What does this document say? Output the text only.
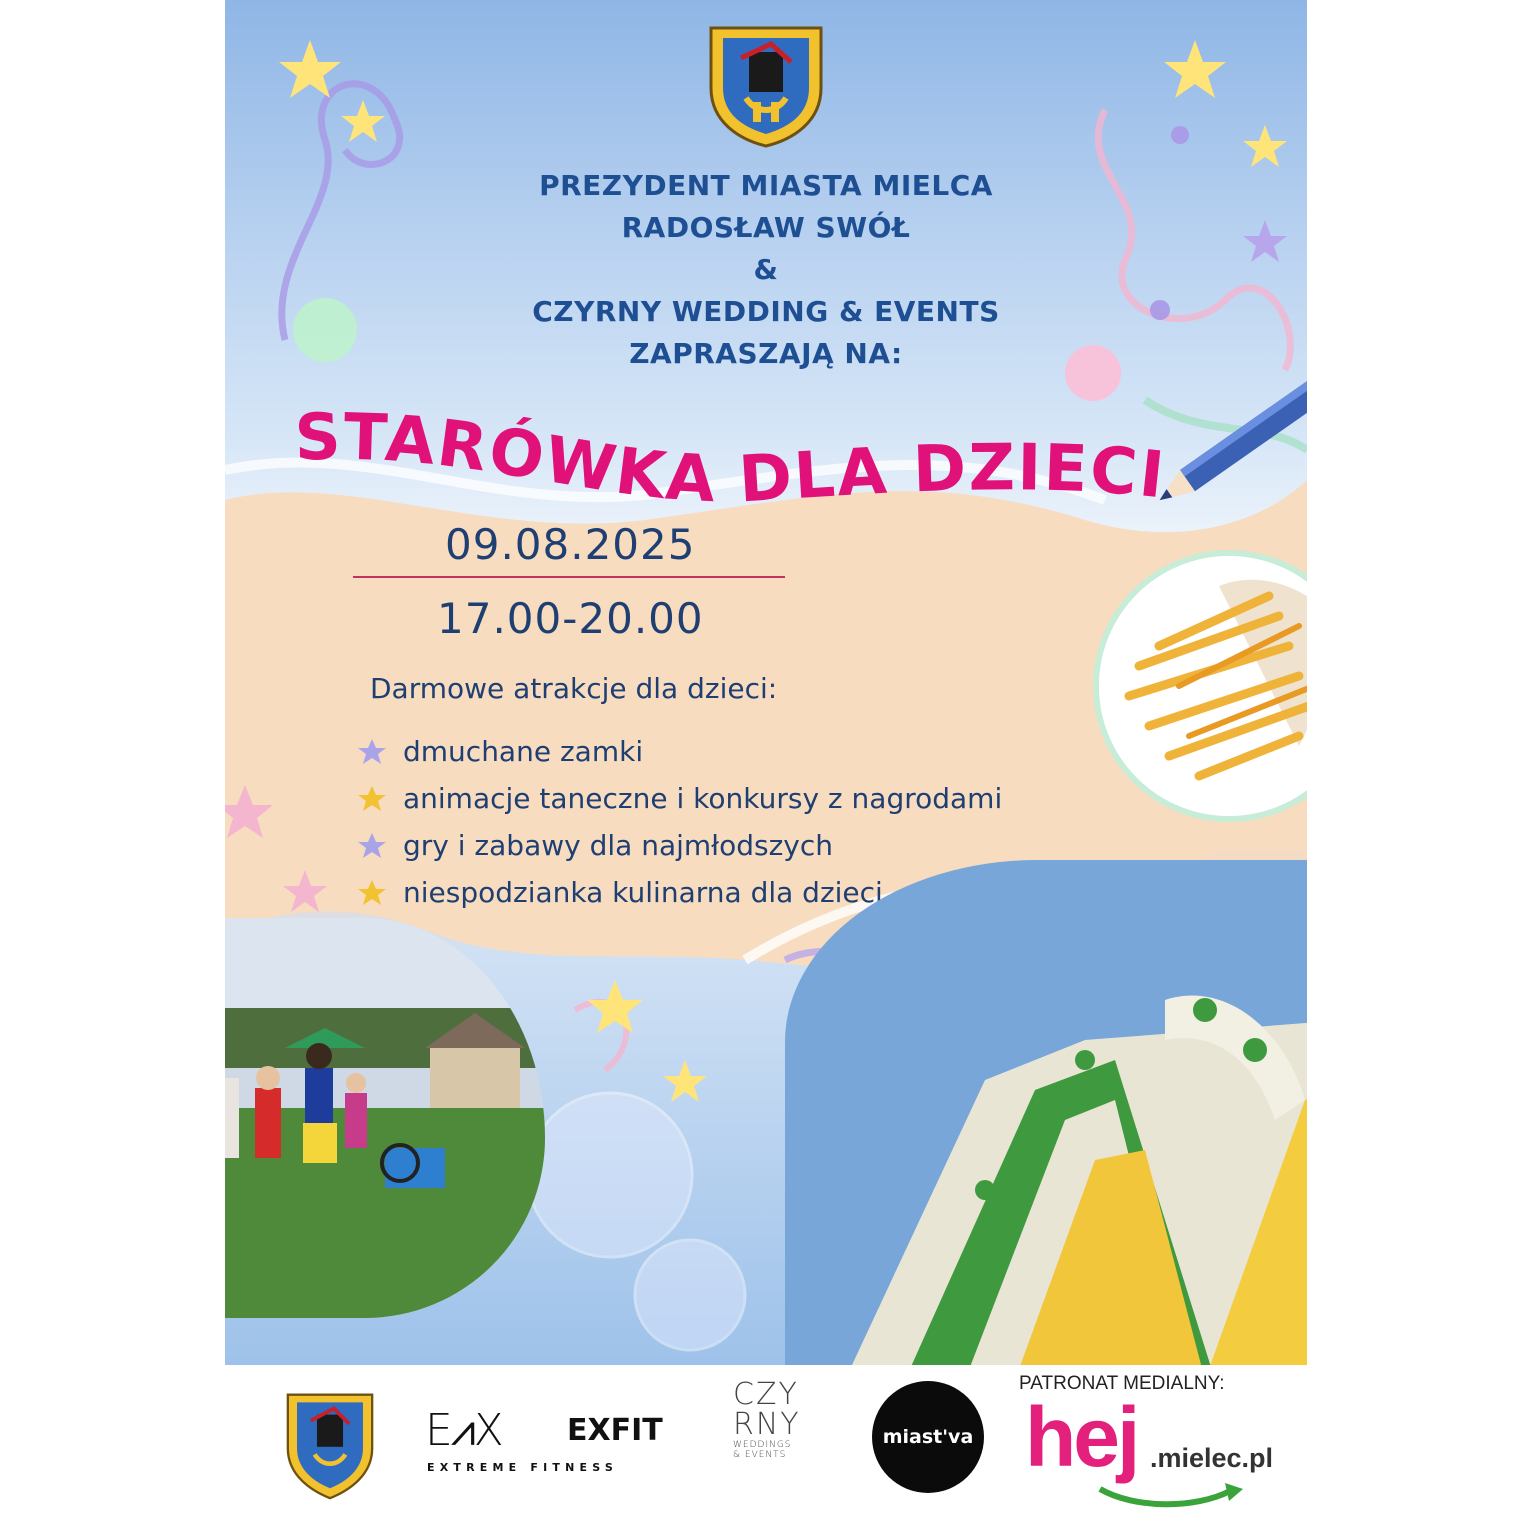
PREZYDENT MIASTA MIELCA
RADOSŁAW SWÓŁ
&
CZYRNY WEDDING & EVENTS
ZAPRASZAJĄ NA:
STARÓWKA DLA DZIECI
09.08.2025
17.00-20.00
Darmowe atrakcje dla dzieci:
dmuchane zamki
animacje taneczne i konkursy z nagrodami
gry i zabawy dla najmłodszych
niespodzianka kulinarna dla dzieci
E⩘X EXFIT
EXTREME FITNESS
CZY
RNY
WEDDINGS
& EVENTS
miast'va
PATRONAT MEDIALNY:
hej .mielec.pl
